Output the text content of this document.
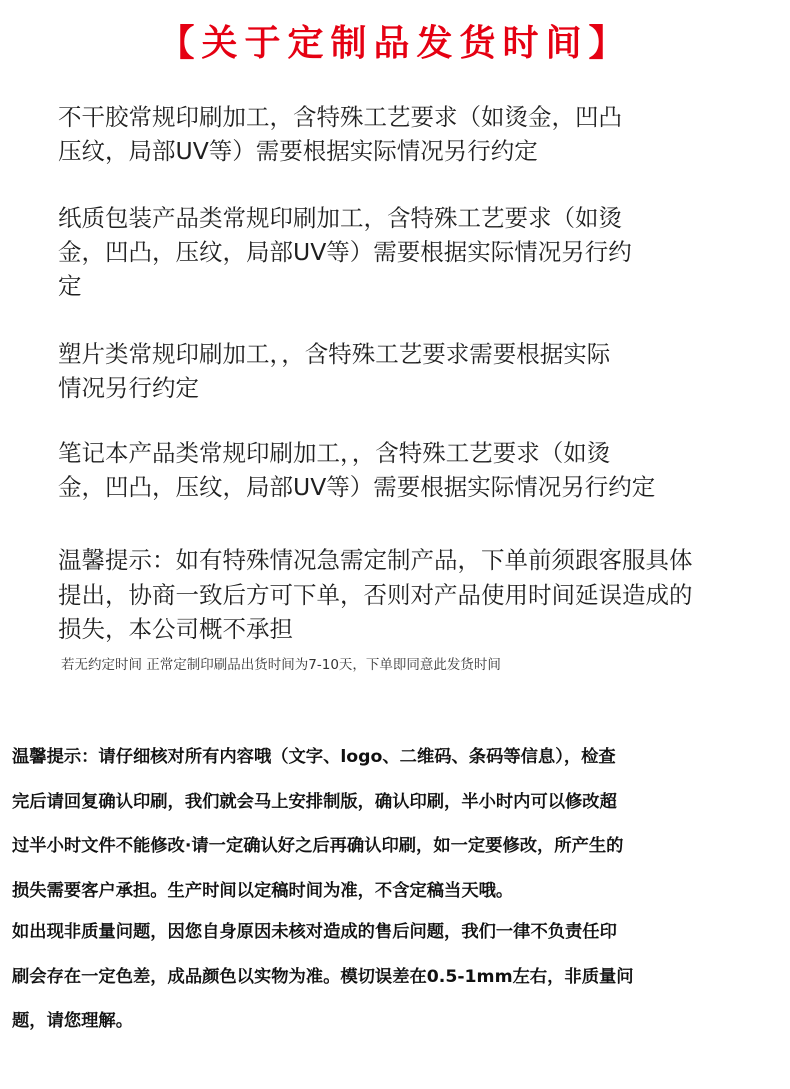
【关于定制品发货时间】
不干胶常规印刷加工，含特殊工艺要求（如烫金，凹凸
压纹，局部UV等）需要根据实际情况另行约定
纸质包装产品类常规印刷加工，含特殊工艺要求（如烫
金，凹凸，压纹，局部UV等）需要根据实际情况另行约
定
塑片类常规印刷加工，，含特殊工艺要求需要根据实际
情况另行约定
笔记本产品类常规印刷加工，，含特殊工艺要求（如烫
金，凹凸，压纹，局部UV等）需要根据实际情况另行约定
温馨提示：如有特殊情况急需定制产品，下单前须跟客服具体
提出，协商一致后方可下单，否则对产品使用时间延误造成的
损失，本公司概不承担
若无约定时间 正常定制印刷品出货时间为7-10天，下单即同意此发货时间
温馨提示：请仔细核对所有内容哦（文字、logo、二维码、条码等信息），检查
完后请回复确认印刷，我们就会马上安排制版，确认印刷，半小时内可以修改超
过半小时文件不能修改·请一定确认好之后再确认印刷，如一定要修改，所产生的
损失需要客户承担。生产时间以定稿时间为准，不含定稿当天哦。
如出现非质量问题，因您自身原因未核对造成的售后问题，我们一律不负责任印
刷会存在一定色差，成品颜色以实物为准。模切误差在0.5-1mm左右，非质量问
题，请您理解。
